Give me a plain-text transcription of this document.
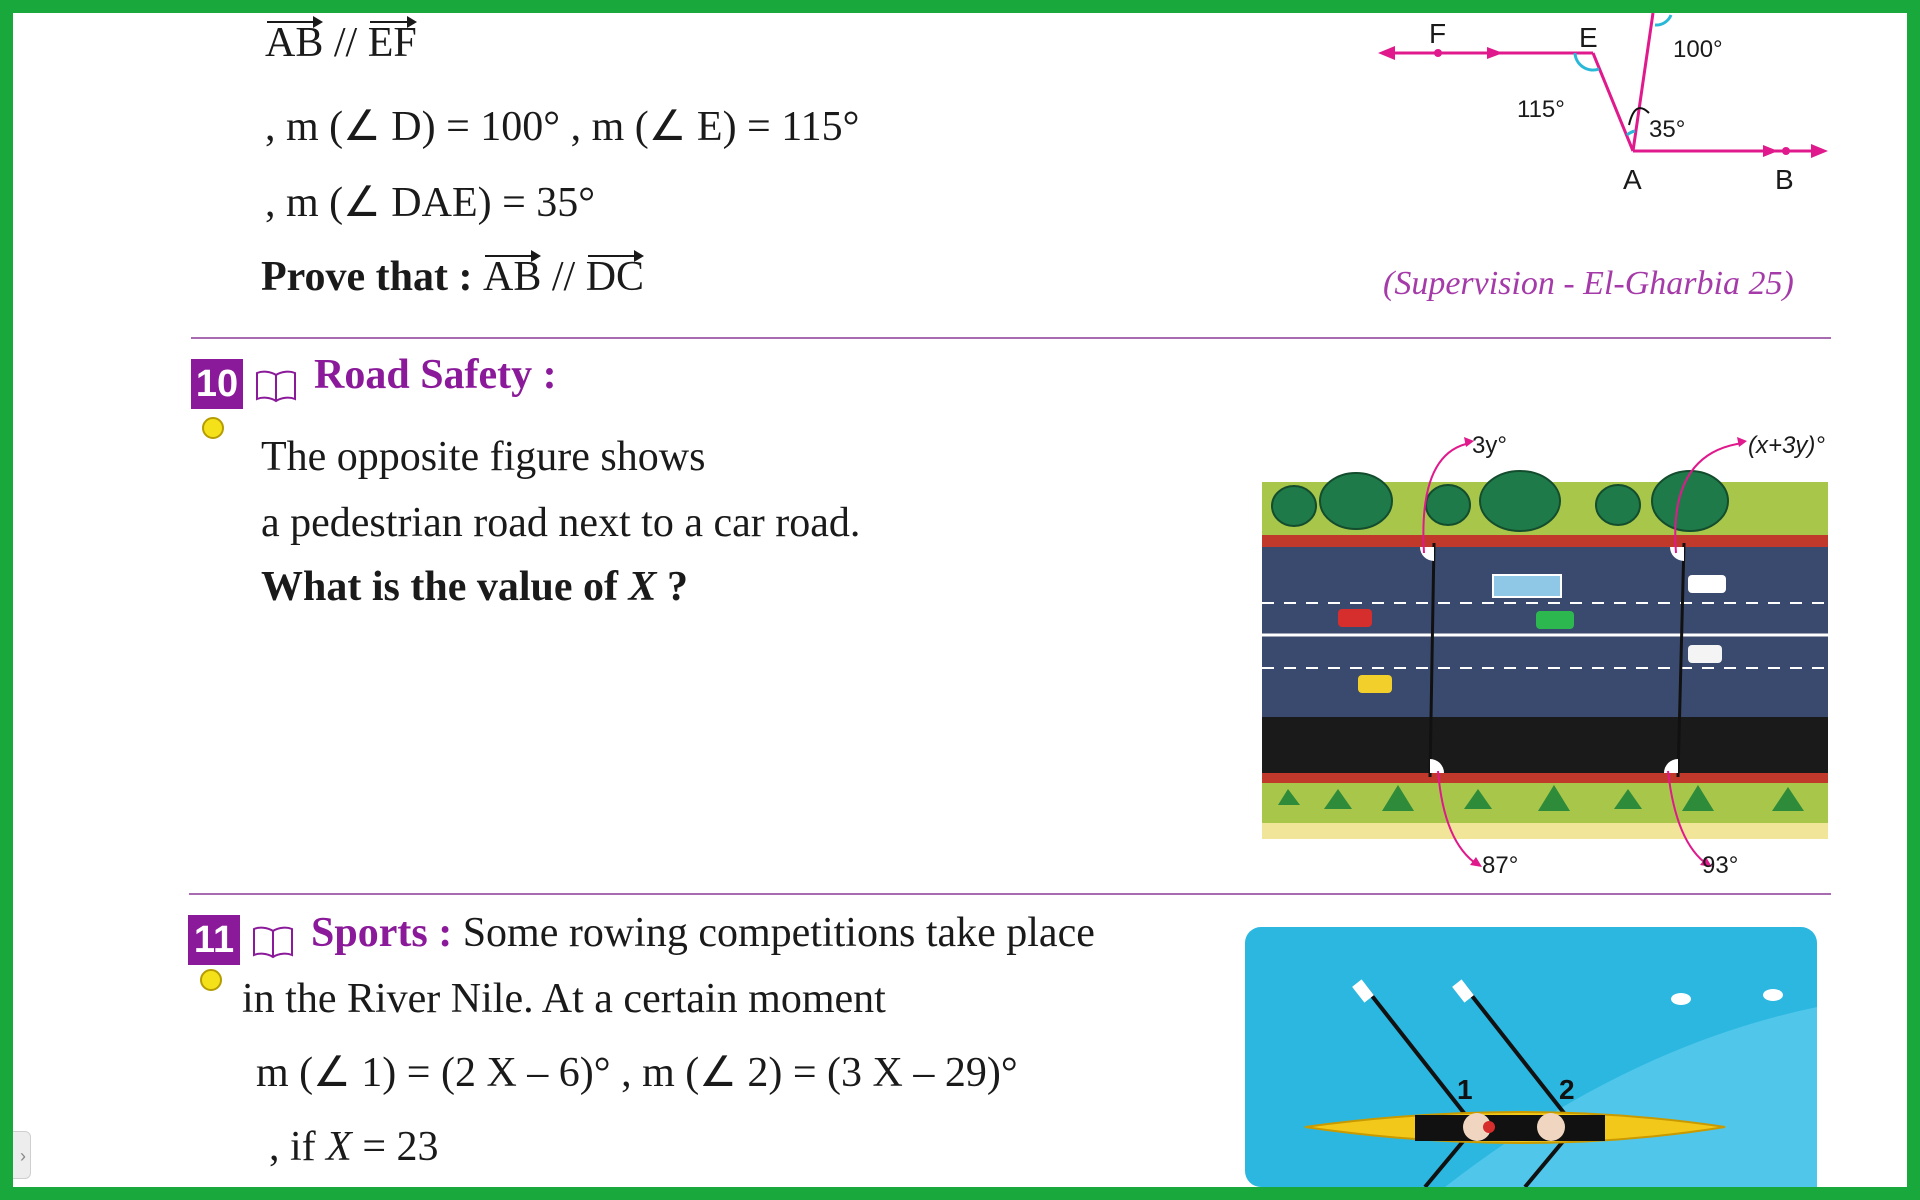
AB // EF
, m (∠ D) = 100° , m (∠ E) = 115°
, m (∠ DAE) = 35°
Prove that : AB // DC	(Supervision - El-Gharbia 25)
F	E
A	B
100°
115°
35°
10 Road Safety :
The opposite figure shows
a pedestrian road next to a car road.
What is the value of X ?
3y°	(x+3y)°
87°	93°
11 Sports : Some rowing competitions take place
in the River Nile. At a certain moment
m (∠ 1) = (2 X – 6)° , m (∠ 2) = (3 X – 29)°
, if X = 23
1	2
›
